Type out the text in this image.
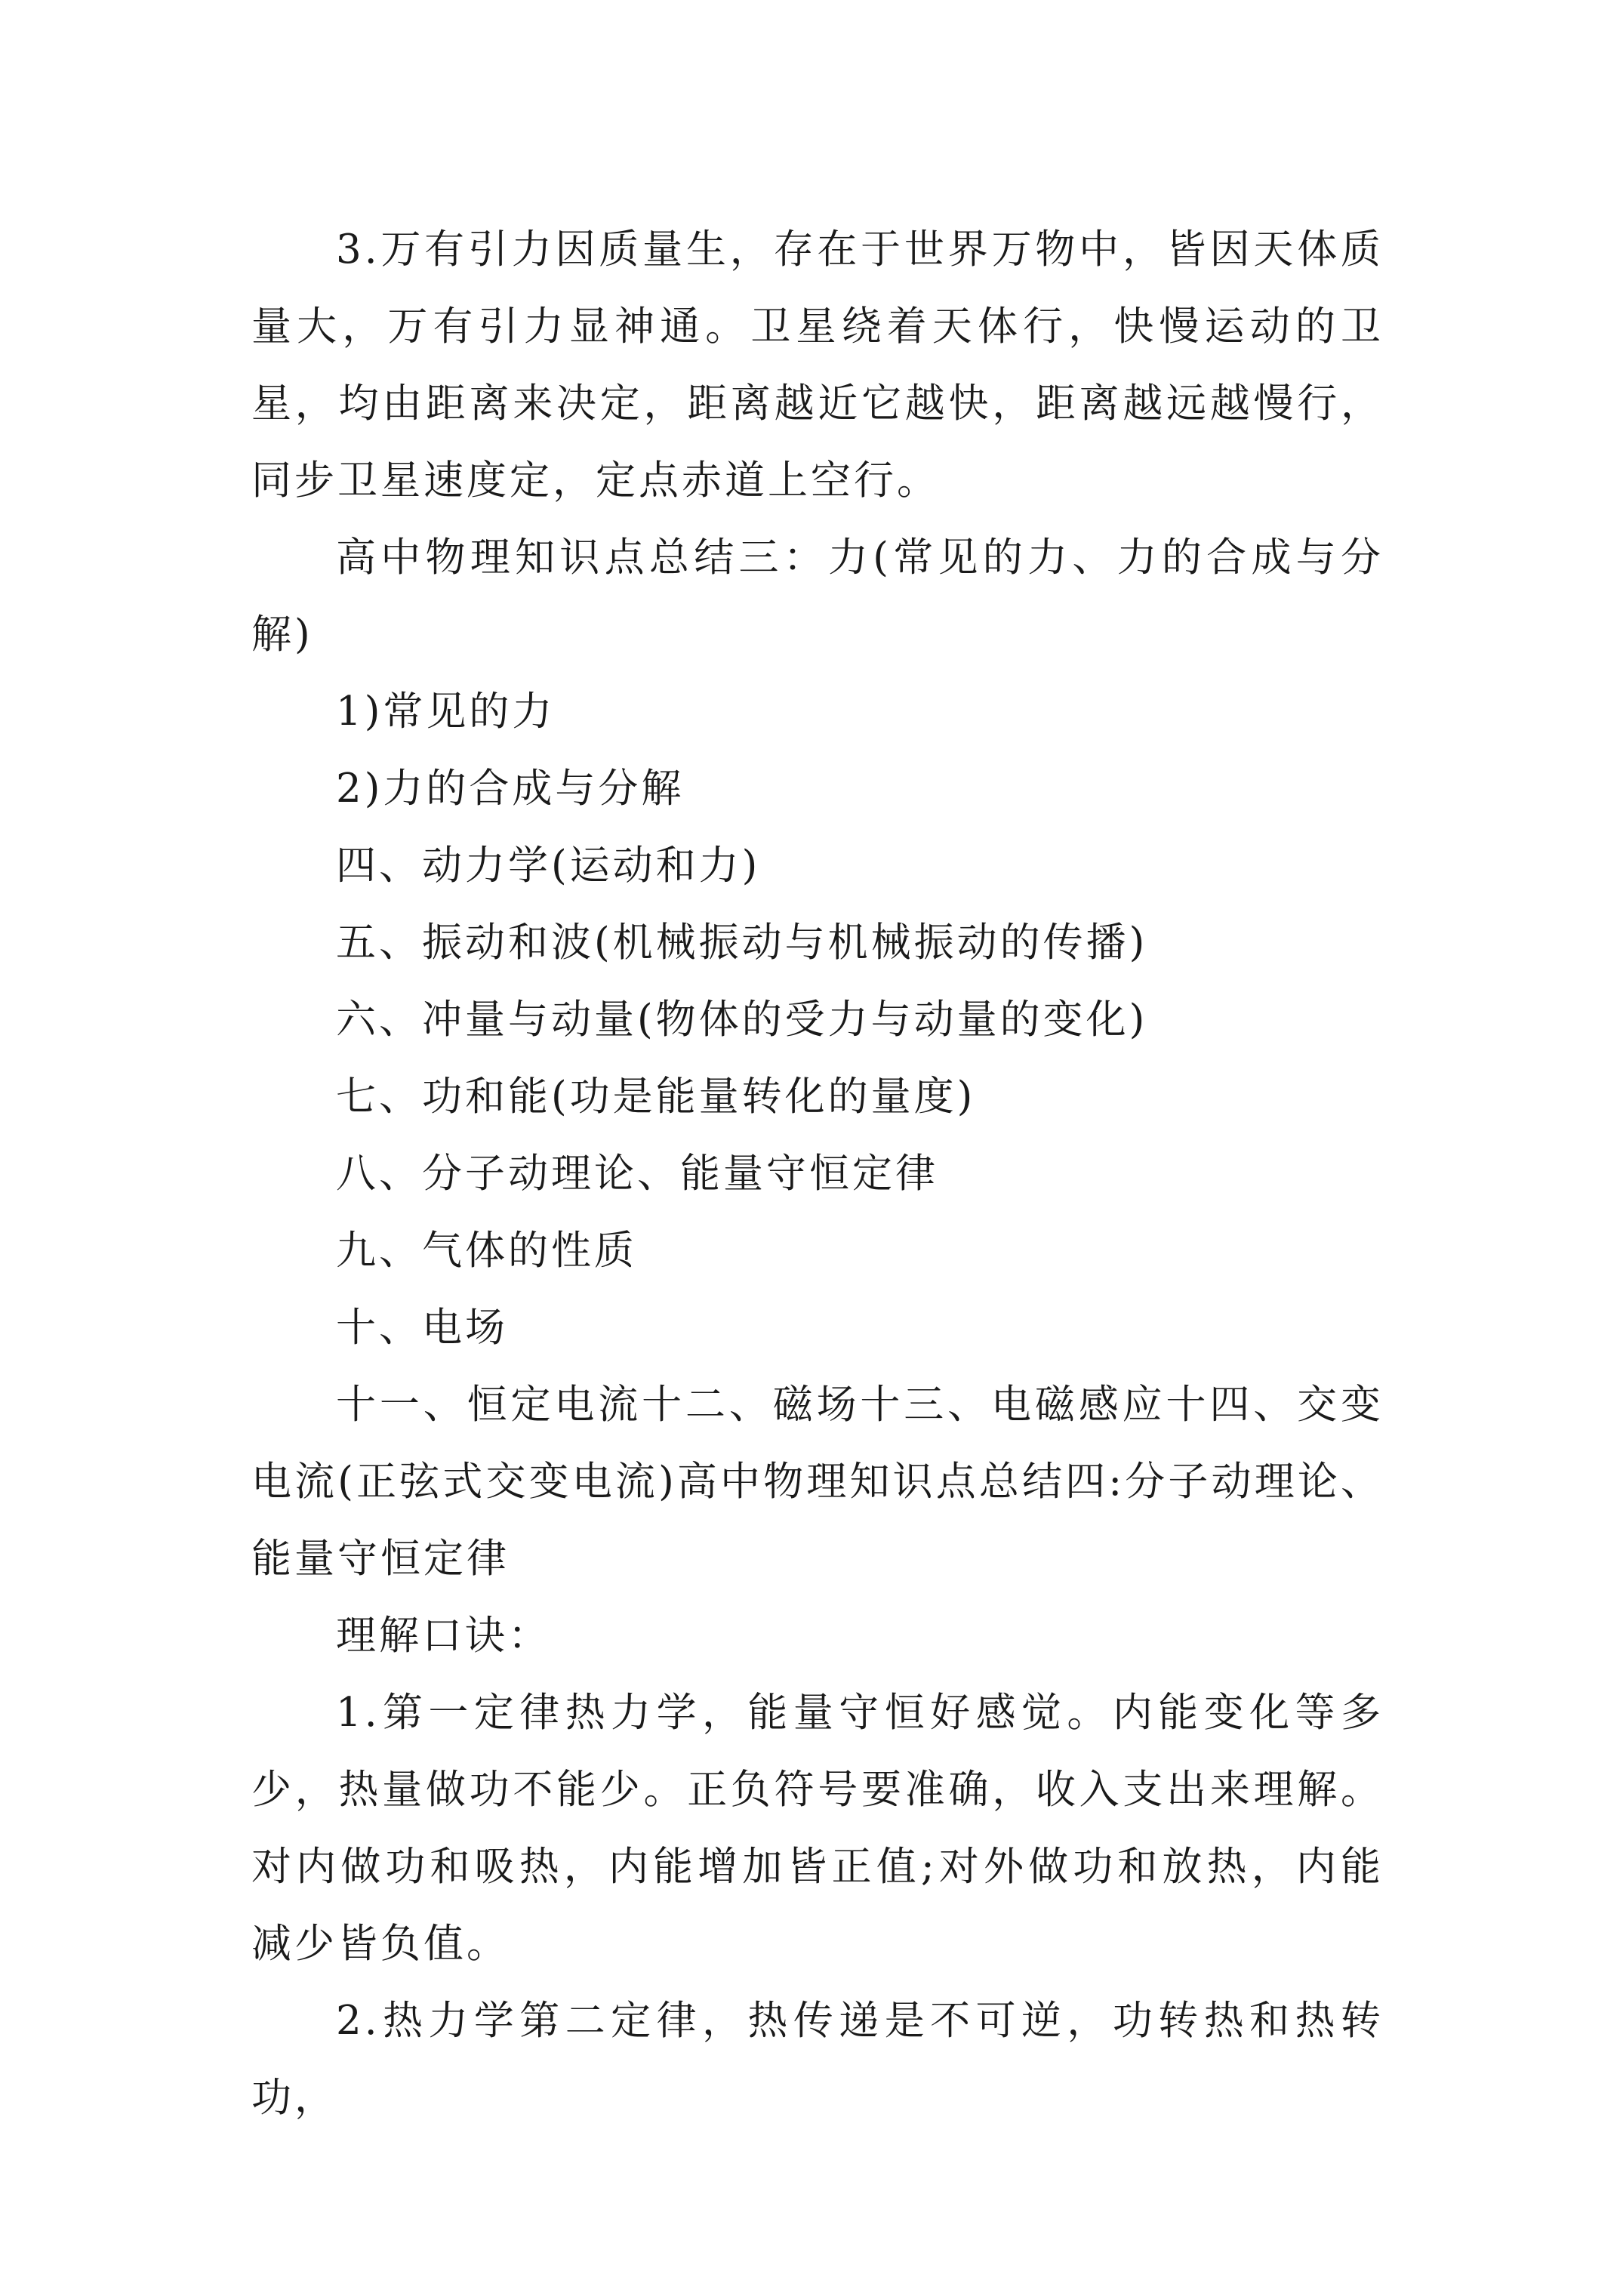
3.万有引力因质量生，存在于世界万物中，皆因天体质量大，万有引力显神通。卫星绕着天体行，快慢运动的卫星，均由距离来决定，距离越近它越快，距离越远越慢行，同步卫星速度定，定点赤道上空行。

高中物理知识点总结三：力(常见的力、力的合成与分解)

1)常见的力

2)力的合成与分解

四、动力学(运动和力)

五、振动和波(机械振动与机械振动的传播)

六、冲量与动量(物体的受力与动量的变化)

七、功和能(功是能量转化的量度)

八、分子动理论、能量守恒定律

九、气体的性质

十、电场

十一、恒定电流十二、磁场十三、电磁感应十四、交变电流(正弦式交变电流)高中物理知识点总结四:分子动理论、能量守恒定律

理解口诀：

1.第一定律热力学，能量守恒好感觉。内能变化等多少，热量做功不能少。正负符号要准确，收入支出来理解。对内做功和吸热，内能增加皆正值;对外做功和放热，内能减少皆负值。

2.热力学第二定律，热传递是不可逆，功转热和热转功，
